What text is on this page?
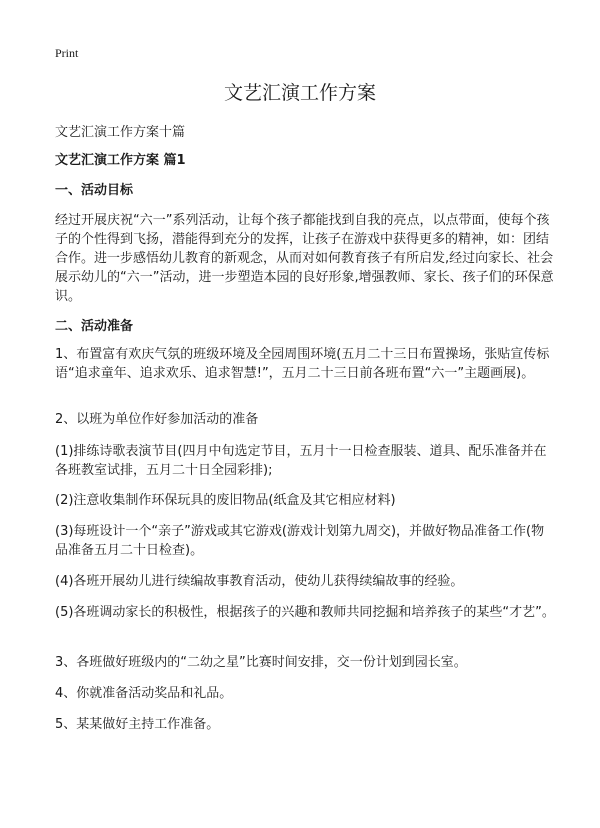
Print
文艺汇演工作方案
文艺汇演工作方案十篇
文艺汇演工作方案 篇1
一、活动目标

经过开展庆祝“六一”系列活动，让每个孩子都能找到自我的亮点，以点带面，使每个孩子的个性得到飞扬，潜能得到充分的发挥，让孩子在游戏中获得更多的精神，如：团结合作。进一步感悟幼儿教育的新观念，从而对如何教育孩子有所启发,经过向家长、社会展示幼儿的“六一”活动，进一步塑造本园的良好形象,增强教师、家长、孩子们的环保意识。

二、活动准备

1、布置富有欢庆气氛的班级环境及全园周围环境(五月二十三日布置操场，张贴宣传标语“追求童年、追求欢乐、追求智慧!”，五月二十三日前各班布置“六一”主题画展)。

2、以班为单位作好参加活动的准备

(1)排练诗歌表演节目(四月中旬选定节目，五月十一日检查服装、道具、配乐准备并在各班教室试排，五月二十日全园彩排);

(2)注意收集制作环保玩具的废旧物品(纸盒及其它相应材料)

(3)每班设计一个“亲子”游戏或其它游戏(游戏计划第九周交)，并做好物品准备工作(物品准备五月二十日检查)。

(4)各班开展幼儿进行续编故事教育活动，使幼儿获得续编故事的经验。

(5)各班调动家长的积极性，根据孩子的兴趣和教师共同挖掘和培养孩子的某些“才艺”。

3、各班做好班级内的“二幼之星”比赛时间安排，交一份计划到园长室。

4、你就准备活动奖品和礼品。

5、某某做好主持工作准备。
